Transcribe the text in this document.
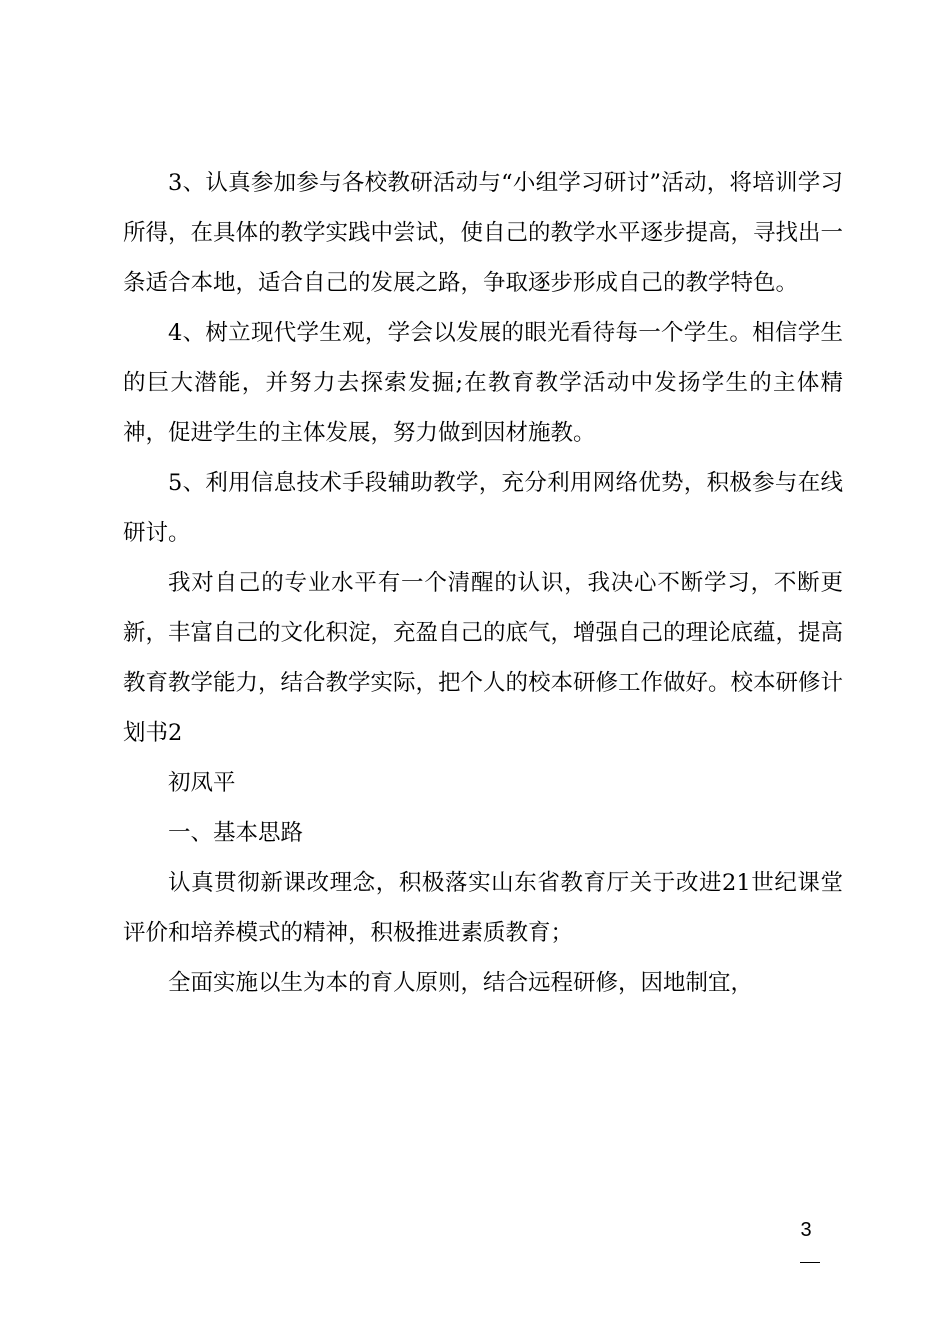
3、认真参加参与各校教研活动与“小组学习研讨”活动，将培训学习所得，在具体的教学实践中尝试，使自己的教学水平逐步提高，寻找出一条适合本地，适合自己的发展之路，争取逐步形成自己的教学特色。

4、树立现代学生观，学会以发展的眼光看待每一个学生。相信学生的巨大潜能，并努力去探索发掘;在教育教学活动中发扬学生的主体精神，促进学生的主体发展，努力做到因材施教。

5、利用信息技术手段辅助教学，充分利用网络优势，积极参与在线研讨。

我对自己的专业水平有一个清醒的认识，我决心不断学习，不断更新，丰富自己的文化积淀，充盈自己的底气，增强自己的理论底蕴，提高教育教学能力，结合教学实际，把个人的校本研修工作做好。校本研修计划书2

初凤平

一、基本思路

认真贯彻新课改理念，积极落实山东省教育厅关于改进21世纪课堂评价和培养模式的精神，积极推进素质教育；

全面实施以生为本的育人原则，结合远程研修，因地制宜，

3
